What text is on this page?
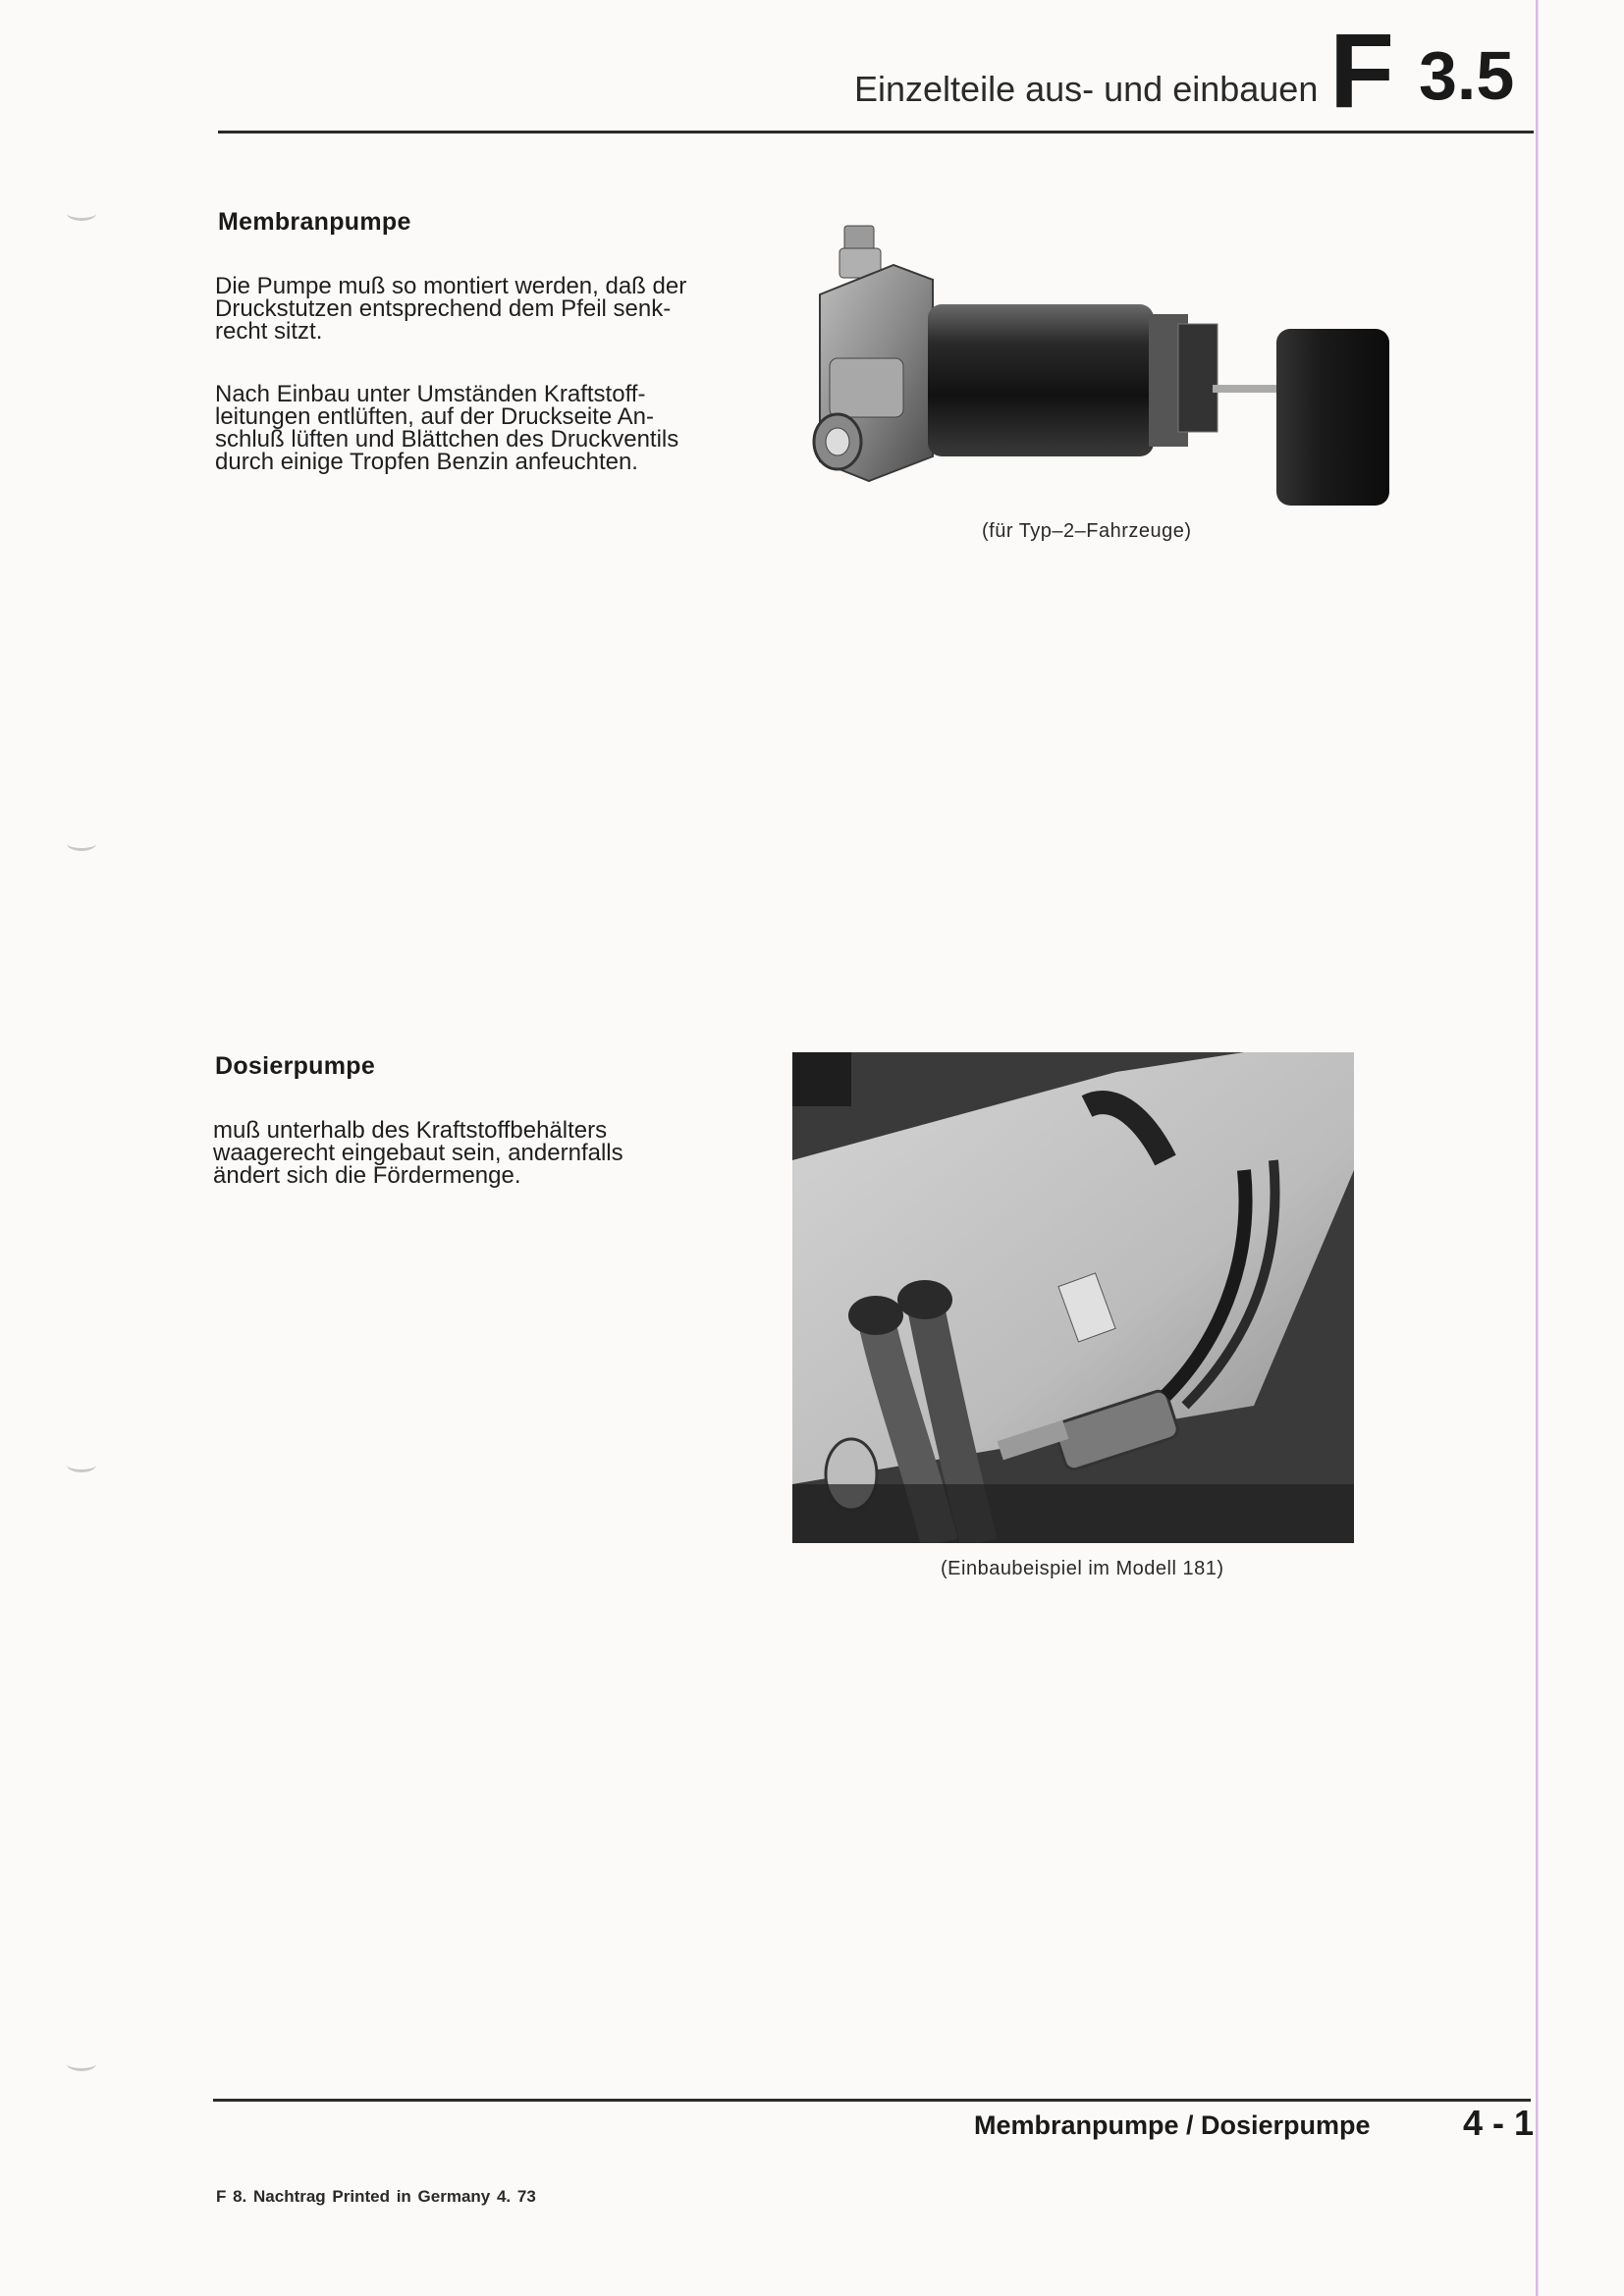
Einzelteile aus- und einbauen F 3.5
Membranpumpe

Die Pumpe muß so montiert werden, daß der

Druckstutzen entsprechend dem Pfeil senk-

recht sitzt.

Nach Einbau unter Umständen Kraftstoff-

leitungen entlüften, auf der Druckseite An-

schluß lüften und Blättchen des Druckventils

durch einige Tropfen Benzin anfeuchten.

(für Typ–2–Fahrzeuge)
Dosierpumpe

muß unterhalb des Kraftstoffbehälters

waagerecht eingebaut sein, andernfalls

ändert sich die Fördermenge.

(Einbaubeispiel im Modell 181)
Membranpumpe / Dosierpumpe	4 - 1
F 8. Nachtrag Printed in Germany 4. 73
